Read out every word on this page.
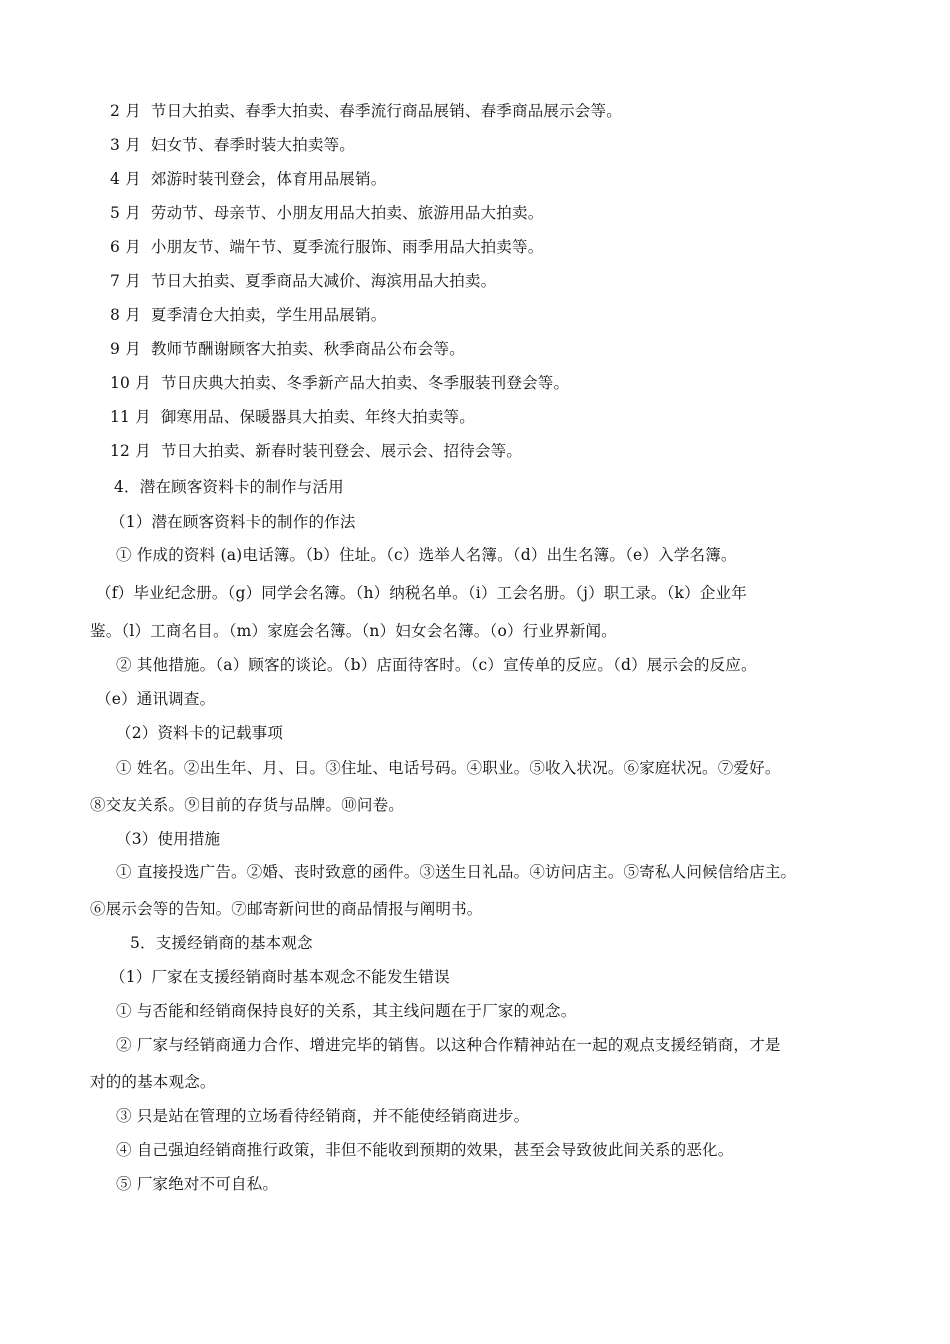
2 月 节日大拍卖、春季大拍卖、春季流行商品展销、春季商品展示会等。
3 月 妇女节、春季时装大拍卖等。
4 月 郊游时装刊登会，体育用品展销。
5 月 劳动节、母亲节、小朋友用品大拍卖、旅游用品大拍卖。
6 月 小朋友节、端午节、夏季流行服饰、雨季用品大拍卖等。
7 月 节日大拍卖、夏季商品大减价、海滨用品大拍卖。
8 月 夏季清仓大拍卖，学生用品展销。
9 月 教师节酬谢顾客大拍卖、秋季商品公布会等。
10 月 节日庆典大拍卖、冬季新产品大拍卖、冬季服装刊登会等。
11 月 御寒用品、保暖器具大拍卖、年终大拍卖等。
12 月 节日大拍卖、新春时装刊登会、展示会、招待会等。
4．潜在顾客资料卡的制作与活用
（1）潜在顾客资料卡的制作的作法
① 作成的资料 (a)电话簿。（b）住址。（c）选举人名簿。（d）出生名簿。（e）入学名簿。
（f）毕业纪念册。（g）同学会名簿。（h）纳税名单。（i）工会名册。（j）职工录。（k）企业年
鉴。（l）工商名目。（m）家庭会名簿。（n）妇女会名簿。（o）行业界新闻。
② 其他措施。（a）顾客的谈论。（b）店面待客时。（c）宣传单的反应。（d）展示会的反应。
（e）通讯调查。
（2）资料卡的记载事项
① 姓名。②出生年、月、日。③住址、电话号码。④职业。⑤收入状况。⑥家庭状况。⑦爱好。
⑧交友关系。⑨目前的存货与品牌。⑩问卷。
（3）使用措施
① 直接投选广告。②婚、丧时致意的函件。③送生日礼品。④访问店主。⑤寄私人问候信给店主。
⑥展示会等的告知。⑦邮寄新问世的商品情报与阐明书。
5．支援经销商的基本观念
（1）厂家在支援经销商时基本观念不能发生错误
① 与否能和经销商保持良好的关系，其主线问题在于厂家的观念。
② 厂家与经销商通力合作、增进完毕的销售。以这种合作精神站在一起的观点支援经销商，才是
对的的基本观念。
③ 只是站在管理的立场看待经销商，并不能使经销商进步。
④ 自己强迫经销商推行政策，非但不能收到预期的效果，甚至会导致彼此间关系的恶化。
⑤ 厂家绝对不可自私。
